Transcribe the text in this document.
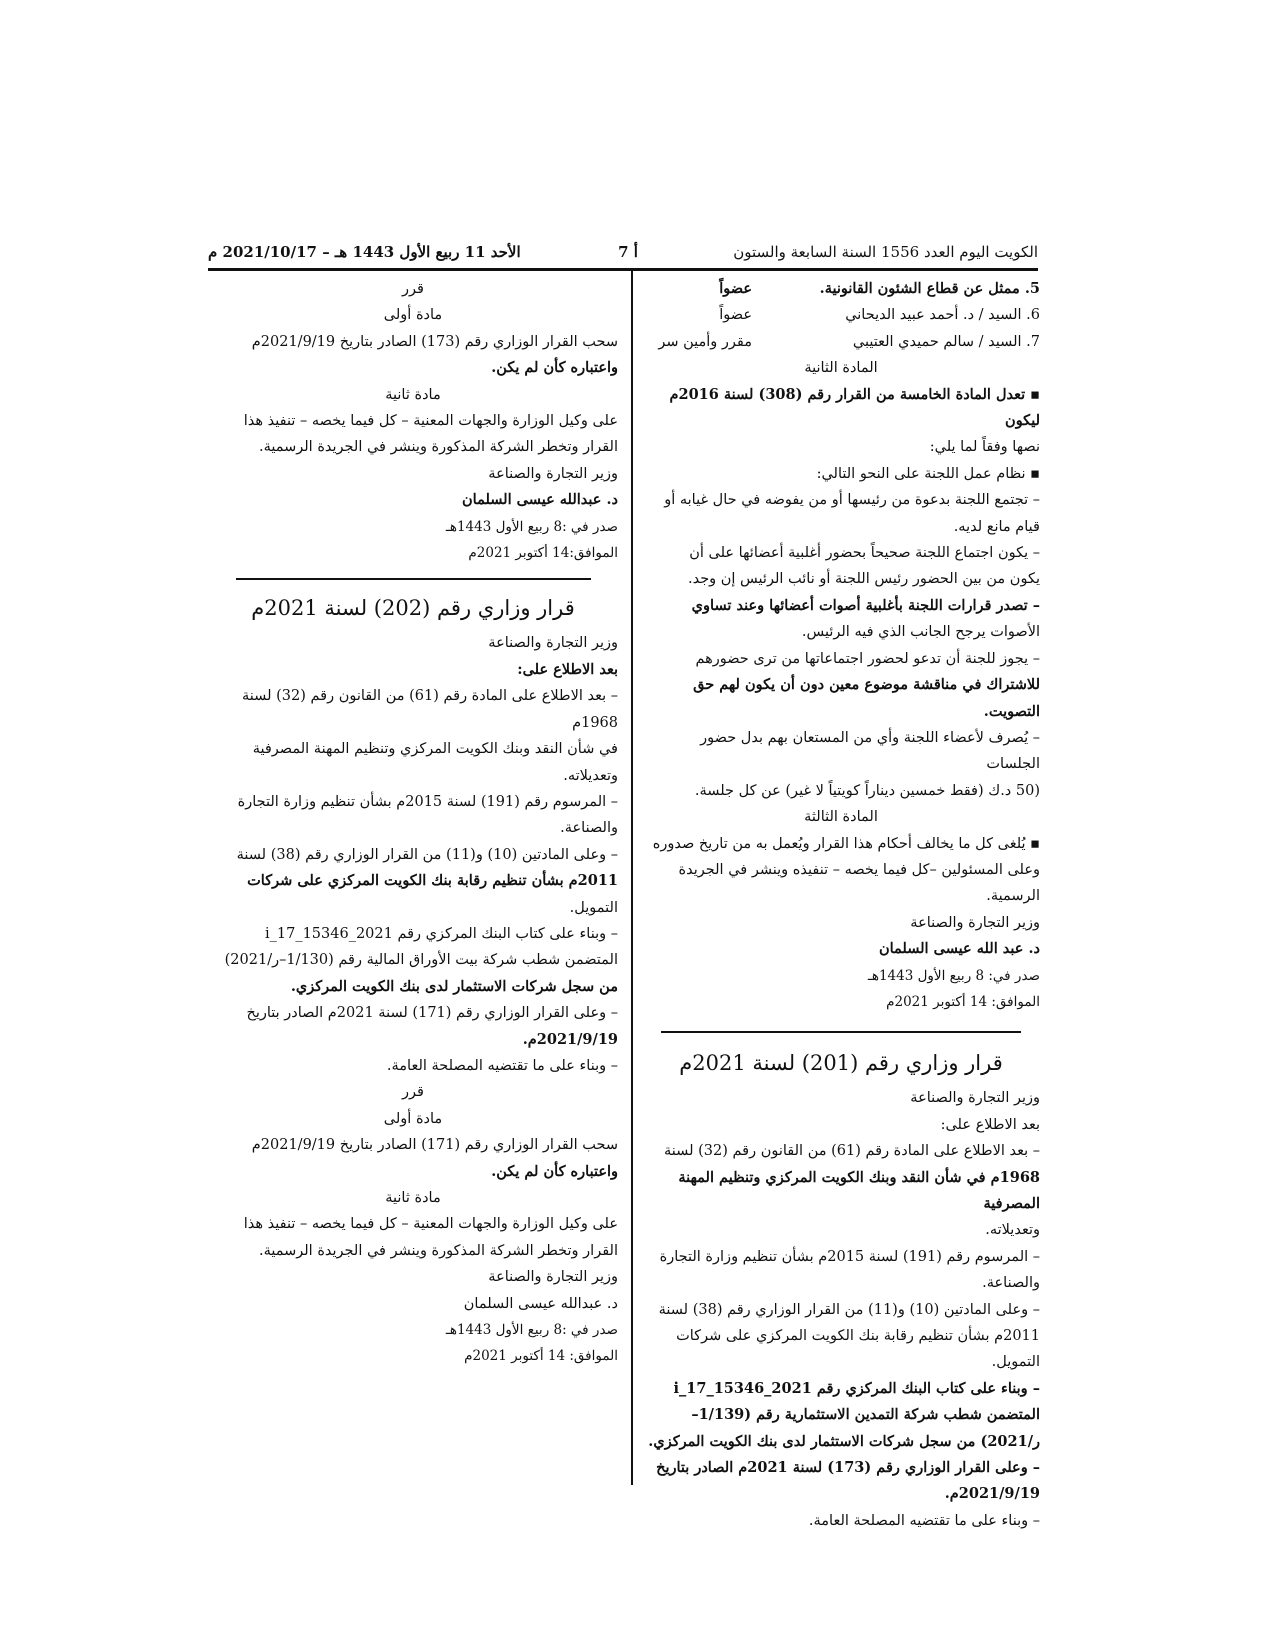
الكويت اليوم العدد 1556 السنة السابعة والستون
أ 7
الأحد 11 ربيع الأول 1443 هـ – 2021/10/17 م
5. ممثل عن قطاع الشئون القانونية.
عضواً
6. السيد / د. أحمد عبيد الديحاني
عضواً
7. السيد / سالم حميدي العتيبي
مقرر وأمين سر

المادة الثانية

▪ تعدل المادة الخامسة من القرار رقم (308) لسنة 2016م ليكون

نصها وفقاً لما يلي:

▪ نظام عمل اللجنة على النحو التالي:

– تجتمع اللجنة بدعوة من رئيسها أو من يفوضه في حال غيابه أو

قيام مانع لديه.

– يكون اجتماع اللجنة صحيحاً بحضور أغلبية أعضائها على أن

يكون من بين الحضور رئيس اللجنة أو نائب الرئيس إن وجد.

– تصدر قرارات اللجنة بأغلبية أصوات أعضائها وعند تساوي

الأصوات يرجح الجانب الذي فيه الرئيس.

– يجوز للجنة أن تدعو لحضور اجتماعاتها من ترى حضورهم

للاشتراك في مناقشة موضوع معين دون أن يكون لهم حق التصويت.

– يُصرف لأعضاء اللجنة وأي من المستعان بهم بدل حضور الجلسات

(50 د.ك (فقط خمسين ديناراً كويتياً لا غير) عن كل جلسة.

المادة الثالثة

▪ يُلغى كل ما يخالف أحكام هذا القرار ويُعمل به من تاريخ صدوره

وعلى المسئولين –كل فيما يخصه – تنفيذه وينشر في الجريدة الرسمية.

وزير التجارة والصناعة

د. عبد الله عيسى السلمان

صدر في: 8 ربيع الأول 1443هـ

الموافق: 14 أكتوبر 2021م

قرار وزاري رقم (201) لسنة 2021م

وزير التجارة والصناعة

بعد الاطلاع على:

– بعد الاطلاع على المادة رقم (61) من القانون رقم (32) لسنة

1968م في شأن النقد وبنك الكويت المركزي وتنظيم المهنة المصرفية

وتعديلاته.

– المرسوم رقم (191) لسنة 2015م بشأن تنظيم وزارة التجارة والصناعة.

– وعلى المادتين (10) و(11) من القرار الوزاري رقم (38) لسنة

2011م بشأن تنظيم رقابة بنك الكويت المركزي على شركات

التمويل.

– وبناء على كتاب البنك المركزي رقم 2021_15346_17_i

المتضمن شطب شركة التمدين الاستثمارية رقم (1/139–

ر/2021) من سجل شركات الاستثمار لدى بنك الكويت المركزي.

– وعلى القرار الوزاري رقم (173) لسنة 2021م الصادر بتاريخ

2021/9/19م.

– وبناء على ما تقتضيه المصلحة العامة.

قرر

مادة أولى

سحب القرار الوزاري رقم (173) الصادر بتاريخ 2021/9/19م

واعتباره كأن لم يكن.

مادة ثانية

على وكيل الوزارة والجهات المعنية – كل فيما يخصه – تنفيذ هذا

القرار وتخطر الشركة المذكورة وينشر في الجريدة الرسمية.

وزير التجارة والصناعة

د. عبدالله عيسى السلمان

صدر في :8 ربيع الأول 1443هـ

الموافق:14 أكتوبر 2021م

قرار وزاري رقم (202) لسنة 2021م

وزير التجارة والصناعة

بعد الاطلاع على:

– بعد الاطلاع على المادة رقم (61) من القانون رقم (32) لسنة 1968م

في شأن النقد وبنك الكويت المركزي وتنظيم المهنة المصرفية وتعديلاته.

– المرسوم رقم (191) لسنة 2015م بشأن تنظيم وزارة التجارة

والصناعة.

– وعلى المادتين (10) و(11) من القرار الوزاري رقم (38) لسنة

2011م بشأن تنظيم رقابة بنك الكويت المركزي على شركات

التمويل.

– وبناء على كتاب البنك المركزي رقم 2021_15346_17_i

المتضمن شطب شركة بيت الأوراق المالية رقم (1/130–ر/2021)

من سجل شركات الاستثمار لدى بنك الكويت المركزي.

– وعلى القرار الوزاري رقم (171) لسنة 2021م الصادر بتاريخ

2021/9/19م.

– وبناء على ما تقتضيه المصلحة العامة.

قرر

مادة أولى

سحب القرار الوزاري رقم (171) الصادر بتاريخ 2021/9/19م

واعتباره كأن لم يكن.

مادة ثانية

على وكيل الوزارة والجهات المعنية – كل فيما يخصه – تنفيذ هذا

القرار وتخطر الشركة المذكورة وينشر في الجريدة الرسمية.

وزير التجارة والصناعة

د. عبدالله عيسى السلمان

صدر في :8 ربيع الأول 1443هـ

الموافق: 14 أكتوبر 2021م
